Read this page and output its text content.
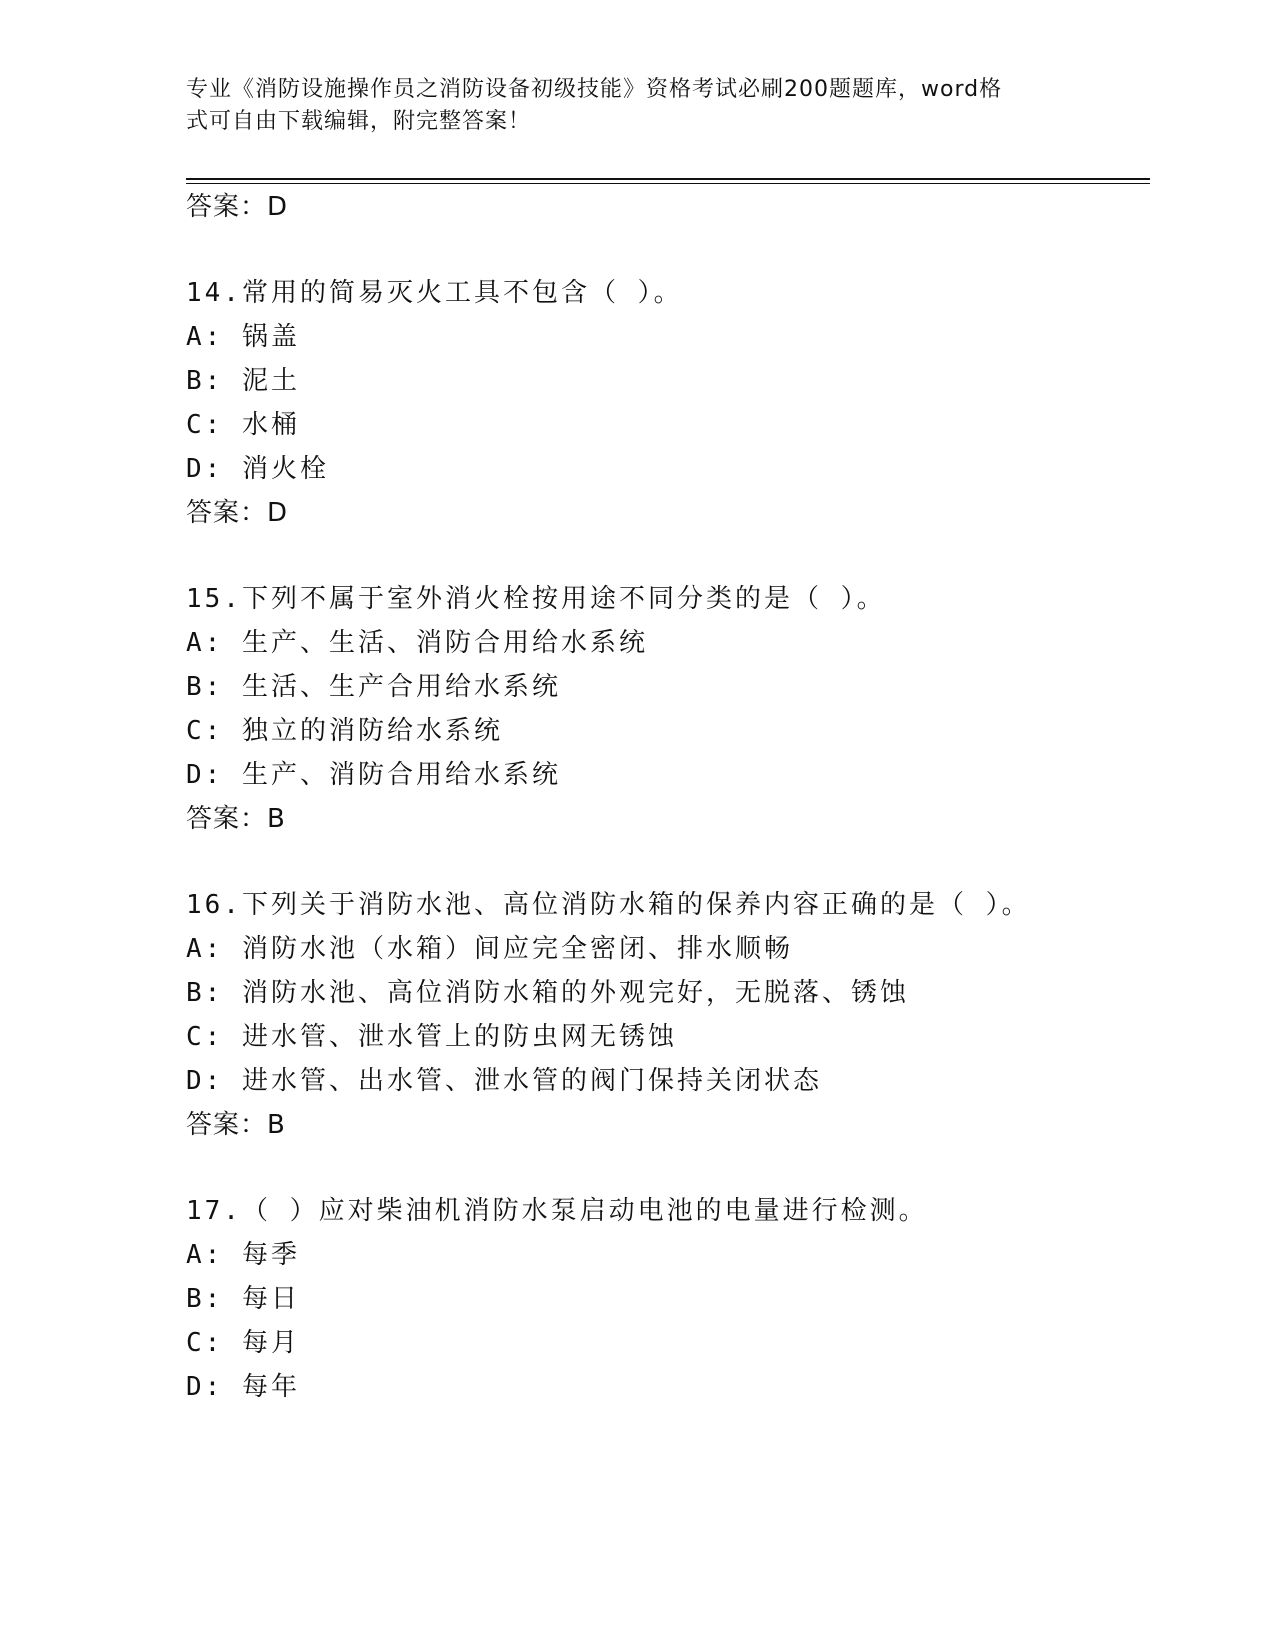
专业《消防设施操作员之消防设备初级技能》资格考试必刷200题题库，word格
式可自由下载编辑，附完整答案！
答案：D
14.常用的简易灭火工具不包含（ ）。
A: 锅盖
B: 泥土
C: 水桶
D: 消火栓
答案：D
15.下列不属于室外消火栓按用途不同分类的是（ ）。
A: 生产、生活、消防合用给水系统
B: 生活、生产合用给水系统
C: 独立的消防给水系统
D: 生产、消防合用给水系统
答案：B
16.下列关于消防水池、高位消防水箱的保养内容正确的是（ ）。
A: 消防水池（水箱）间应完全密闭、排水顺畅
B: 消防水池、高位消防水箱的外观完好，无脱落、锈蚀
C: 进水管、泄水管上的防虫网无锈蚀
D: 进水管、出水管、泄水管的阀门保持关闭状态
答案：B
17.（ ）应对柴油机消防水泵启动电池的电量进行检测。
A: 每季
B: 每日
C: 每月
D: 每年
